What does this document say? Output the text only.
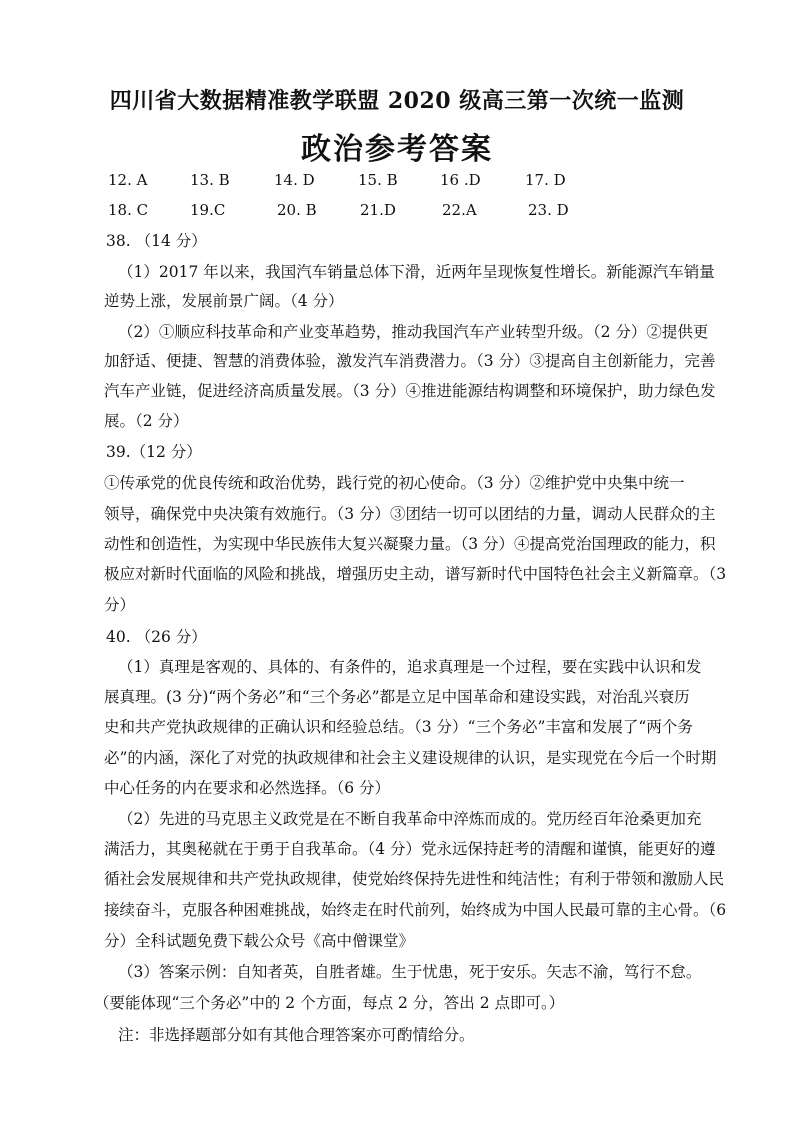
四川省大数据精准教学联盟 2020 级高三第一次统一监测
政治参考答案
12. A	13. B	14. D	15. B	16 .D	17. D
18. C	19.C	20. B	21.D	22.A	23. D
38. （14 分）
（1）2017 年以来，我国汽车销量总体下滑，近两年呈现恢复性增长。新能源汽车销量
逆势上涨，发展前景广阔。（4 分）
（2）①顺应科技革命和产业变革趋势，推动我国汽车产业转型升级。（2 分）②提供更
加舒适、便捷、智慧的消费体验，激发汽车消费潜力。（3 分）③提高自主创新能力，完善
汽车产业链，促进经济高质量发展。（3 分）④推进能源结构调整和环境保护，助力绿色发
展。（2 分）
39.（12 分）
①传承党的优良传统和政治优势，践行党的初心使命。（3 分）②维护党中央集中统一
领导，确保党中央决策有效施行。（3 分）③团结一切可以团结的力量，调动人民群众的主
动性和创造性，为实现中华民族伟大复兴凝聚力量。（3 分）④提高党治国理政的能力，积
极应对新时代面临的风险和挑战，增强历史主动，谱写新时代中国特色社会主义新篇章。（3
分）
40. （26 分）
（1）真理是客观的、具体的、有条件的，追求真理是一个过程，要在实践中认识和发
展真理。(3 分)“两个务必”和“三个务必”都是立足中国革命和建设实践，对治乱兴衰历
史和共产党执政规律的正确认识和经验总结。（3 分）“三个务必”丰富和发展了“两个务
必”的内涵，深化了对党的执政规律和社会主义建设规律的认识，是实现党在今后一个时期
中心任务的内在要求和必然选择。（6 分）
（2）先进的马克思主义政党是在不断自我革命中淬炼而成的。党历经百年沧桑更加充
满活力，其奥秘就在于勇于自我革命。（4 分）党永远保持赶考的清醒和谨慎，能更好的遵
循社会发展规律和共产党执政规律，使党始终保持先进性和纯洁性；有利于带领和激励人民
接续奋斗，克服各种困难挑战，始终走在时代前列，始终成为中国人民最可靠的主心骨。（6
分）全科试题免费下载公众号《高中僧课堂》
（3）答案示例：自知者英，自胜者雄。生于忧患，死于安乐。矢志不渝，笃行不怠。
（要能体现“三个务必”中的 2 个方面，每点 2 分，答出 2 点即可。）
注：非选择题部分如有其他合理答案亦可酌情给分。
